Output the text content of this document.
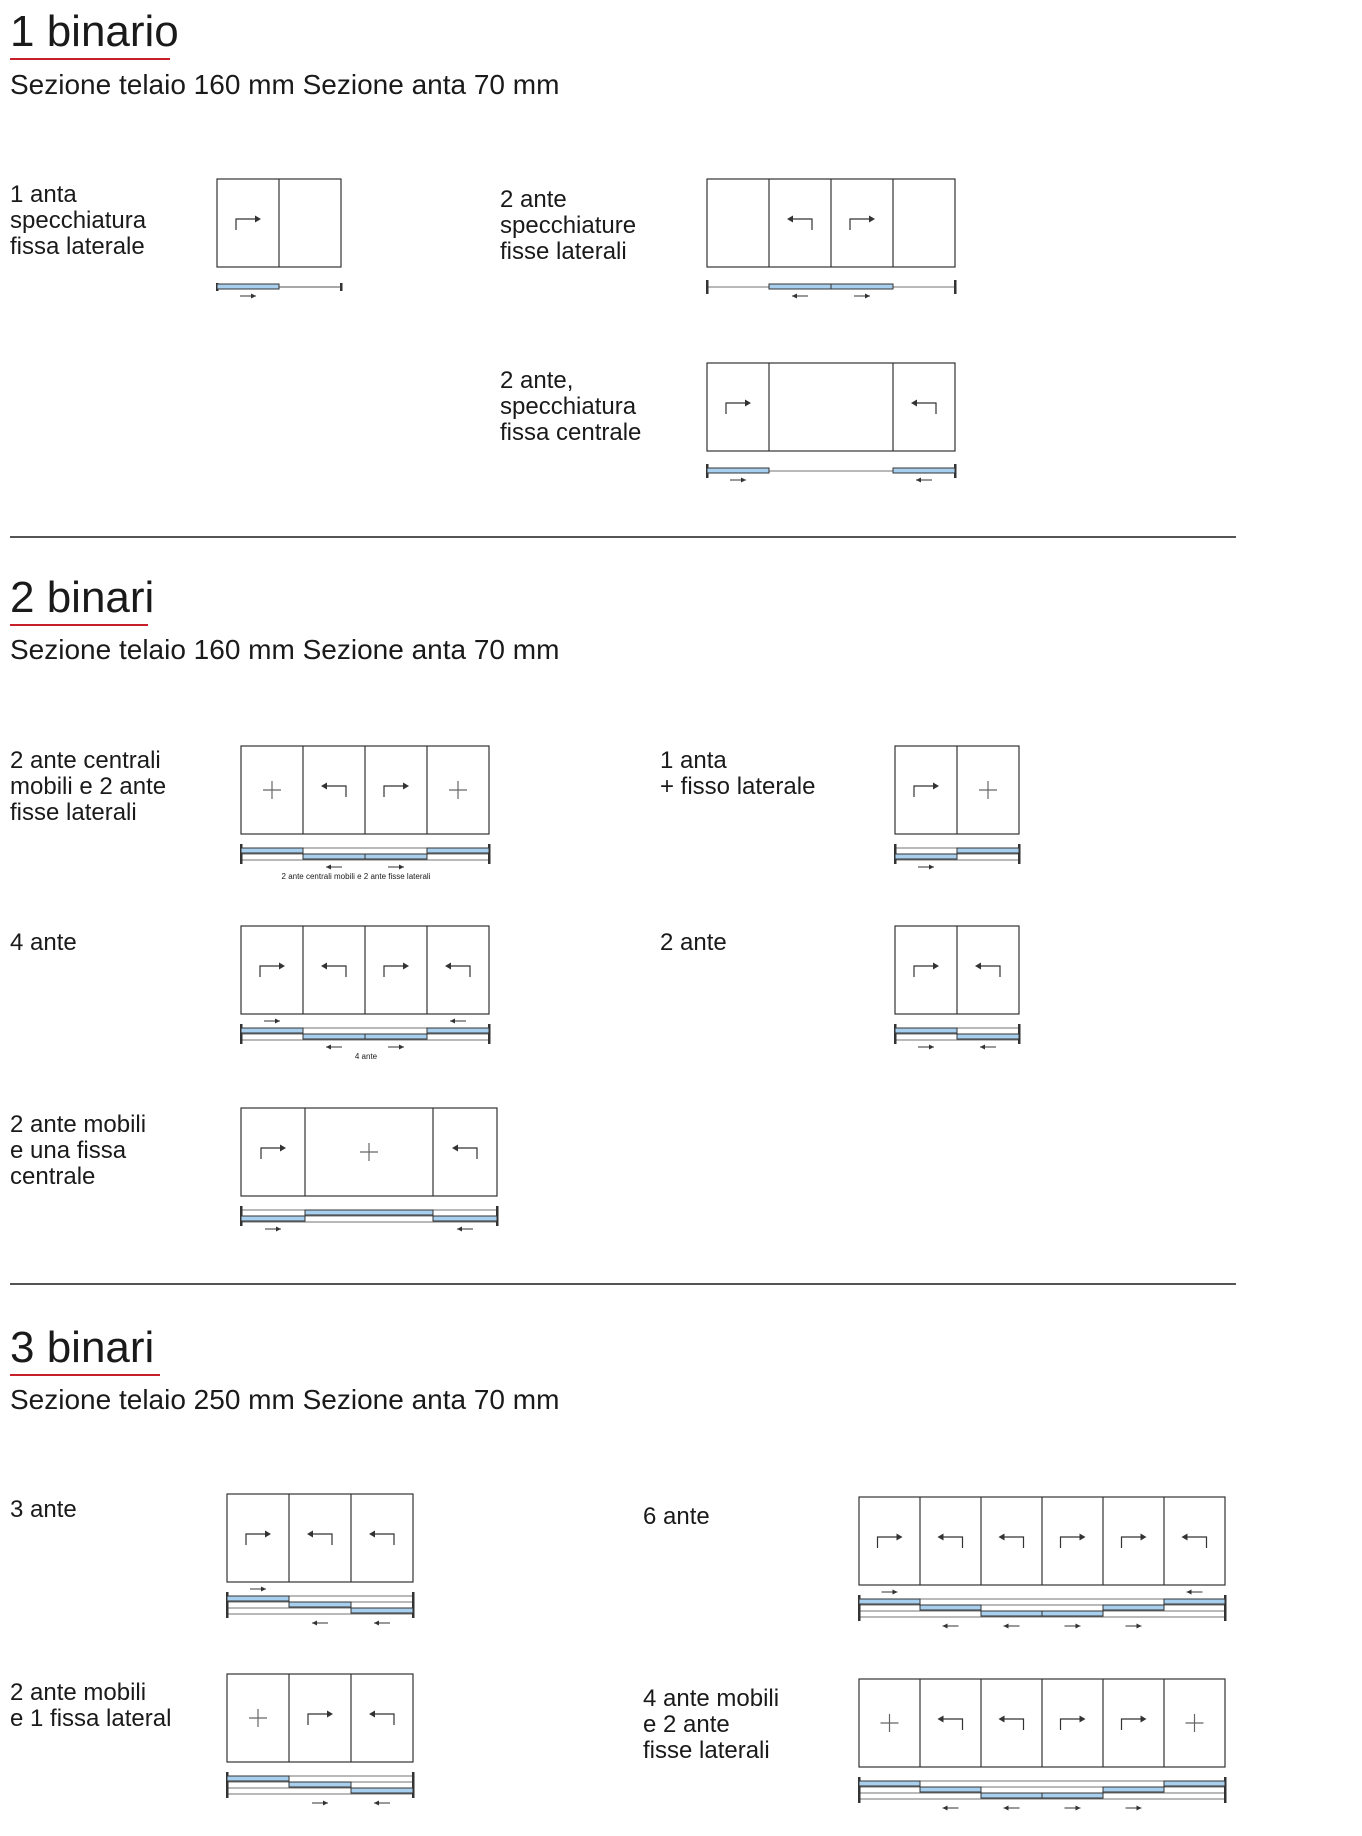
1 binario
Sezione telaio 160 mm Sezione anta 70 mm
1 anta
specchiatura
fissa laterale
2 ante
specchiature
fisse laterali
2 ante,
specchiatura
fissa centrale
2 binari
Sezione telaio 160 mm Sezione anta 70 mm
2 ante centrali
mobili e 2 ante
fisse laterali
2 ante centrali mobili e 2 ante fisse laterali
1 anta
+ fisso laterale
4 ante
4 ante
2 ante
2 ante mobili
e una fissa
centrale
3 binari
Sezione telaio 250 mm Sezione anta 70 mm
3 ante	6 ante
2 ante mobili
e 1 fissa lateral
4 ante mobili
e 2 ante
fisse laterali
